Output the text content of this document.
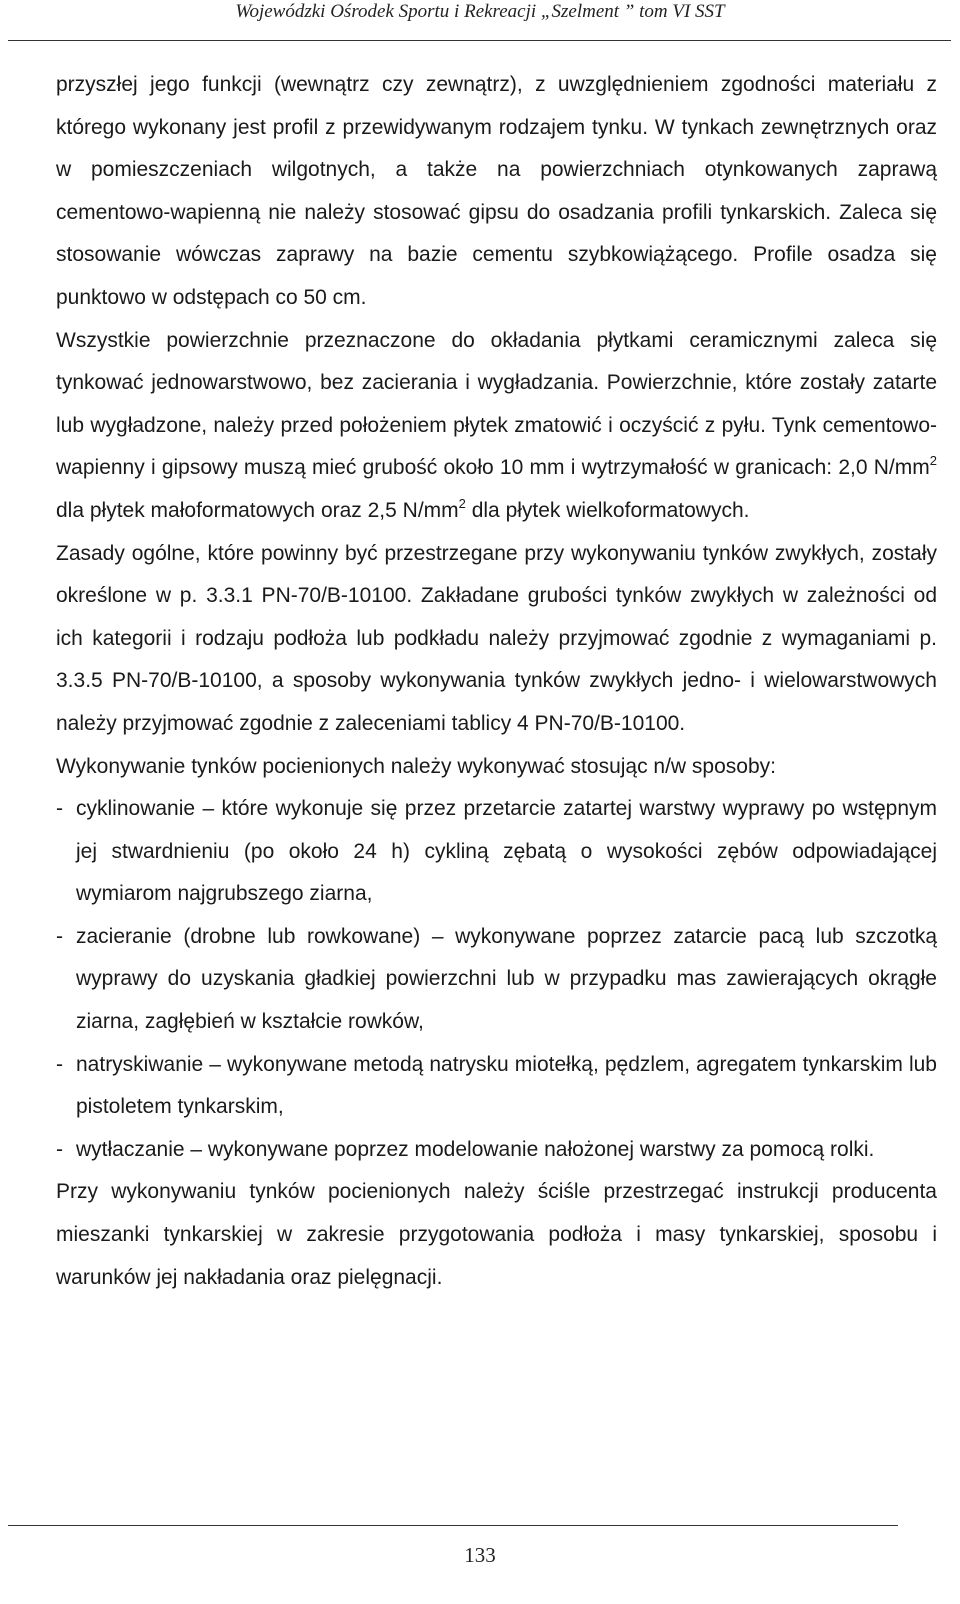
Wojewódzki Ośrodek Sportu i Rekreacji „Szelment ” tom VI SST

przyszłej jego funkcji (wewnątrz czy zewnątrz), z uwzględnieniem zgodności materiału z którego wykonany jest profil z przewidywanym rodzajem tynku. W tynkach zewnętrznych oraz w pomieszczeniach wilgotnych, a także na powierzchniach otynkowanych zaprawą cementowo-wapienną nie należy stosować gipsu do osadzania profili tynkarskich. Zaleca się stosowanie wówczas zaprawy na bazie cementu szybkowiążącego. Profile osadza się punktowo w odstępach co 50 cm.

Wszystkie powierzchnie przeznaczone do okładania płytkami ceramicznymi zaleca się tynkować jednowarstwowo, bez zacierania i wygładzania. Powierzchnie, które zostały zatarte lub wygładzone, należy przed położeniem płytek zmatowić i oczyścić z pyłu. Tynk cementowo-wapienny i gipsowy muszą mieć grubość około 10 mm i wytrzymałość w granicach: 2,0 $N/mm^2$ dla płytek małoformatowych oraz 2,5 $N/mm^2$ dla płytek wielkoformatowych.

Zasady ogólne, które powinny być przestrzegane przy wykonywaniu tynków zwykłych, zostały określone w p. 3.3.1 PN-70/B-10100. Zakładane grubości tynków zwykłych w zależności od ich kategorii i rodzaju podłoża lub podkładu należy przyjmować zgodnie z wymaganiami p. 3.3.5 PN-70/B-10100, a sposoby wykonywania tynków zwykłych jedno- i wielowarstwowych należy przyjmować zgodnie z zaleceniami tablicy 4 PN-70/B-10100.

Wykonywanie tynków pocienionych należy wykonywać stosując n/w sposoby:

- cyklinowanie – które wykonuje się przez przetarcie zatartej warstwy wyprawy po wstępnym jej stwardnieniu (po około 24 h) cykliną zębatą o wysokości zębów odpowiadającej wymiarom najgrubszego ziarna,
- zacieranie (drobne lub rowkowane) – wykonywane poprzez zatarcie pacą lub szczotką wyprawy do uzyskania gładkiej powierzchni lub w przypadku mas zawierających okrągłe ziarna, zagłębień w kształcie rowków,
- natryskiwanie – wykonywane metodą natrysku miotełką, pędzlem, agregatem tynkarskim lub pistoletem tynkarskim,
- wytłaczanie – wykonywane poprzez modelowanie nałożonej warstwy za pomocą rolki.

Przy wykonywaniu tynków pocienionych należy ściśle przestrzegać instrukcji producenta mieszanki tynkarskiej w zakresie przygotowania podłoża i masy tynkarskiej, sposobu i warunków jej nakładania oraz pielęgnacji.

133
